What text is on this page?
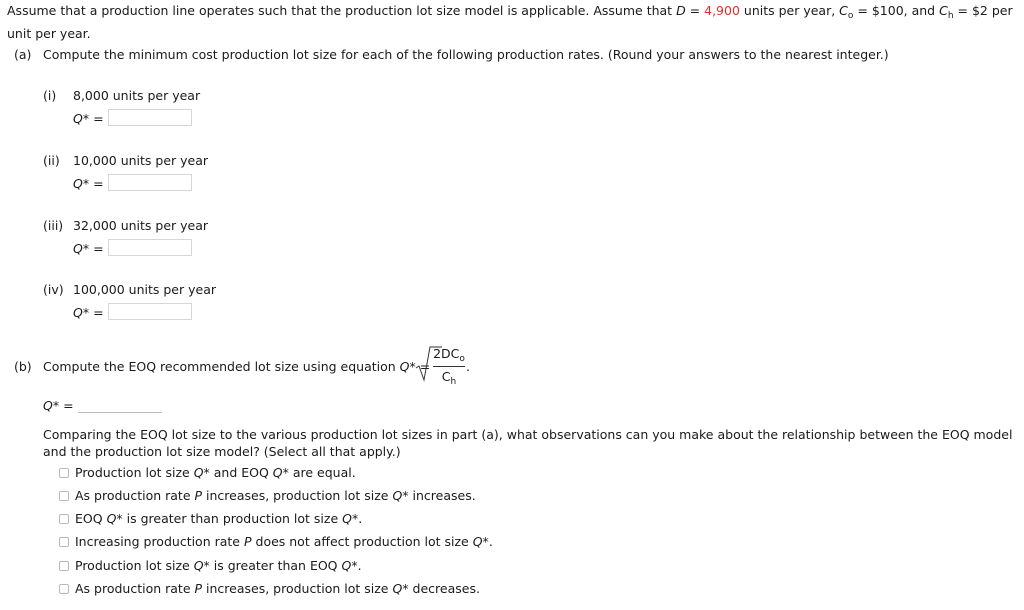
Assume that a production line operates such that the production lot size model is applicable. Assume that D = 4,900 units per year, $C_o$ = $100, and $C_h$ = $2 per unit per year.
(a) Compute the minimum cost production lot size for each of the following production rates. (Round your answers to the nearest integer.)
(i) 8,000 units per year
Q* =
(ii) 10,000 units per year
Q* =
(iii) 32,000 units per year
Q* =
(iv) 100,000 units per year
Q* =
(b) Compute the EOQ recommended lot size using equation Q* =
$2DC_o$
$C_h$
.
Q* =
Comparing the EOQ lot size to the various production lot sizes in part (a), what observations can you make about the relationship between the EOQ model and the production lot size model? (Select all that apply.)
Production lot size Q* and EOQ Q* are equal.
As production rate P increases, production lot size Q* increases.
EOQ Q* is greater than production lot size Q*.
Increasing production rate P does not affect production lot size Q*.
Production lot size Q* is greater than EOQ Q*.
As production rate P increases, production lot size Q* decreases.
